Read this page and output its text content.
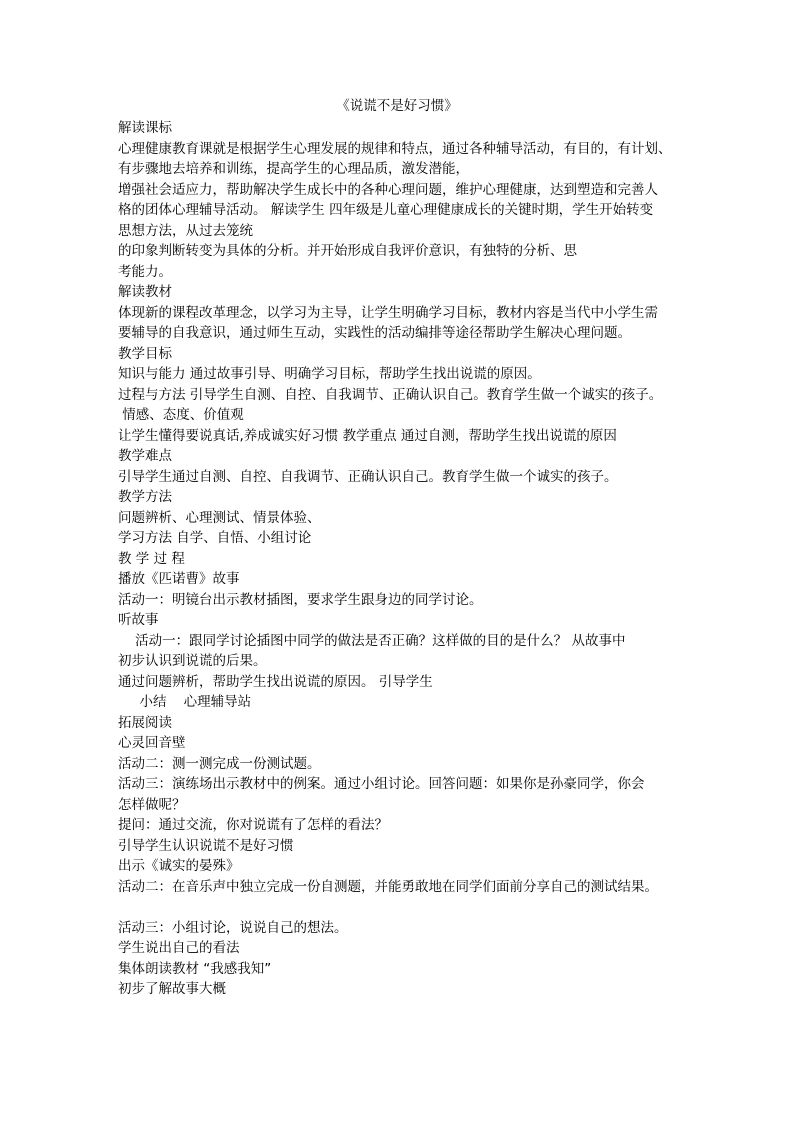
《说谎不是好习惯》
解读课标
心理健康教育课就是根据学生心理发展的规律和特点，通过各种辅导活动，有目的，有计划、
有步骤地去培养和训练，提高学生的心理品质，激发潜能，
增强社会适应力，帮助解决学生成长中的各种心理问题，维护心理健康，达到塑造和完善人
格的团体心理辅导活动。 解读学生 四年级是儿童心理健康成长的关键时期，学生开始转变
思想方法，从过去笼统
的印象判断转变为具体的分析。并开始形成自我评价意识，有独特的分析、思
考能力。
解读教材
体现新的课程改革理念，以学习为主导，让学生明确学习目标，教材内容是当代中小学生需
要辅导的自我意识，通过师生互动，实践性的活动编排等途径帮助学生解决心理问题。
教学目标
知识与能力 通过故事引导、明确学习目标，帮助学生找出说谎的原因。
过程与方法 引导学生自测、自控、自我调节、正确认识自己。教育学生做一个诚实的孩子。
情感、态度、价值观
让学生懂得要说真话,养成诚实好习惯 教学重点 通过自测，帮助学生找出说谎的原因
教学难点
引导学生通过自测、自控、自我调节、正确认识自己。教育学生做一个诚实的孩子。
教学方法
问题辨析、心理测试、情景体验、
学习方法 自学、自悟、小组讨论
教 学 过 程
播放《匹诺曹》故事
活动一：明镜台出示教材插图，要求学生跟身边的同学讨论。
听故事
活动一：跟同学讨论插图中同学的做法是否正确？这样做的目的是什么？ 从故事中
初步认识到说谎的后果。
通过问题辨析，帮助学生找出说谎的原因。 引导学生
小结    心理辅导站
拓展阅读
心灵回音壁
活动二：测一测完成一份测试题。
活动三：演练场出示教材中的例案。通过小组讨论。回答问题：如果你是孙豪同学，你会
怎样做呢？
提问：通过交流，你对说谎有了怎样的看法？
引导学生认识说谎不是好习惯
出示《诚实的晏殊》
活动二：在音乐声中独立完成一份自测题，并能勇敢地在同学们面前分享自己的测试结果。
活动三：小组讨论，说说自己的想法。
学生说出自己的看法
集体朗读教材 “我感我知”
初步了解故事大概
